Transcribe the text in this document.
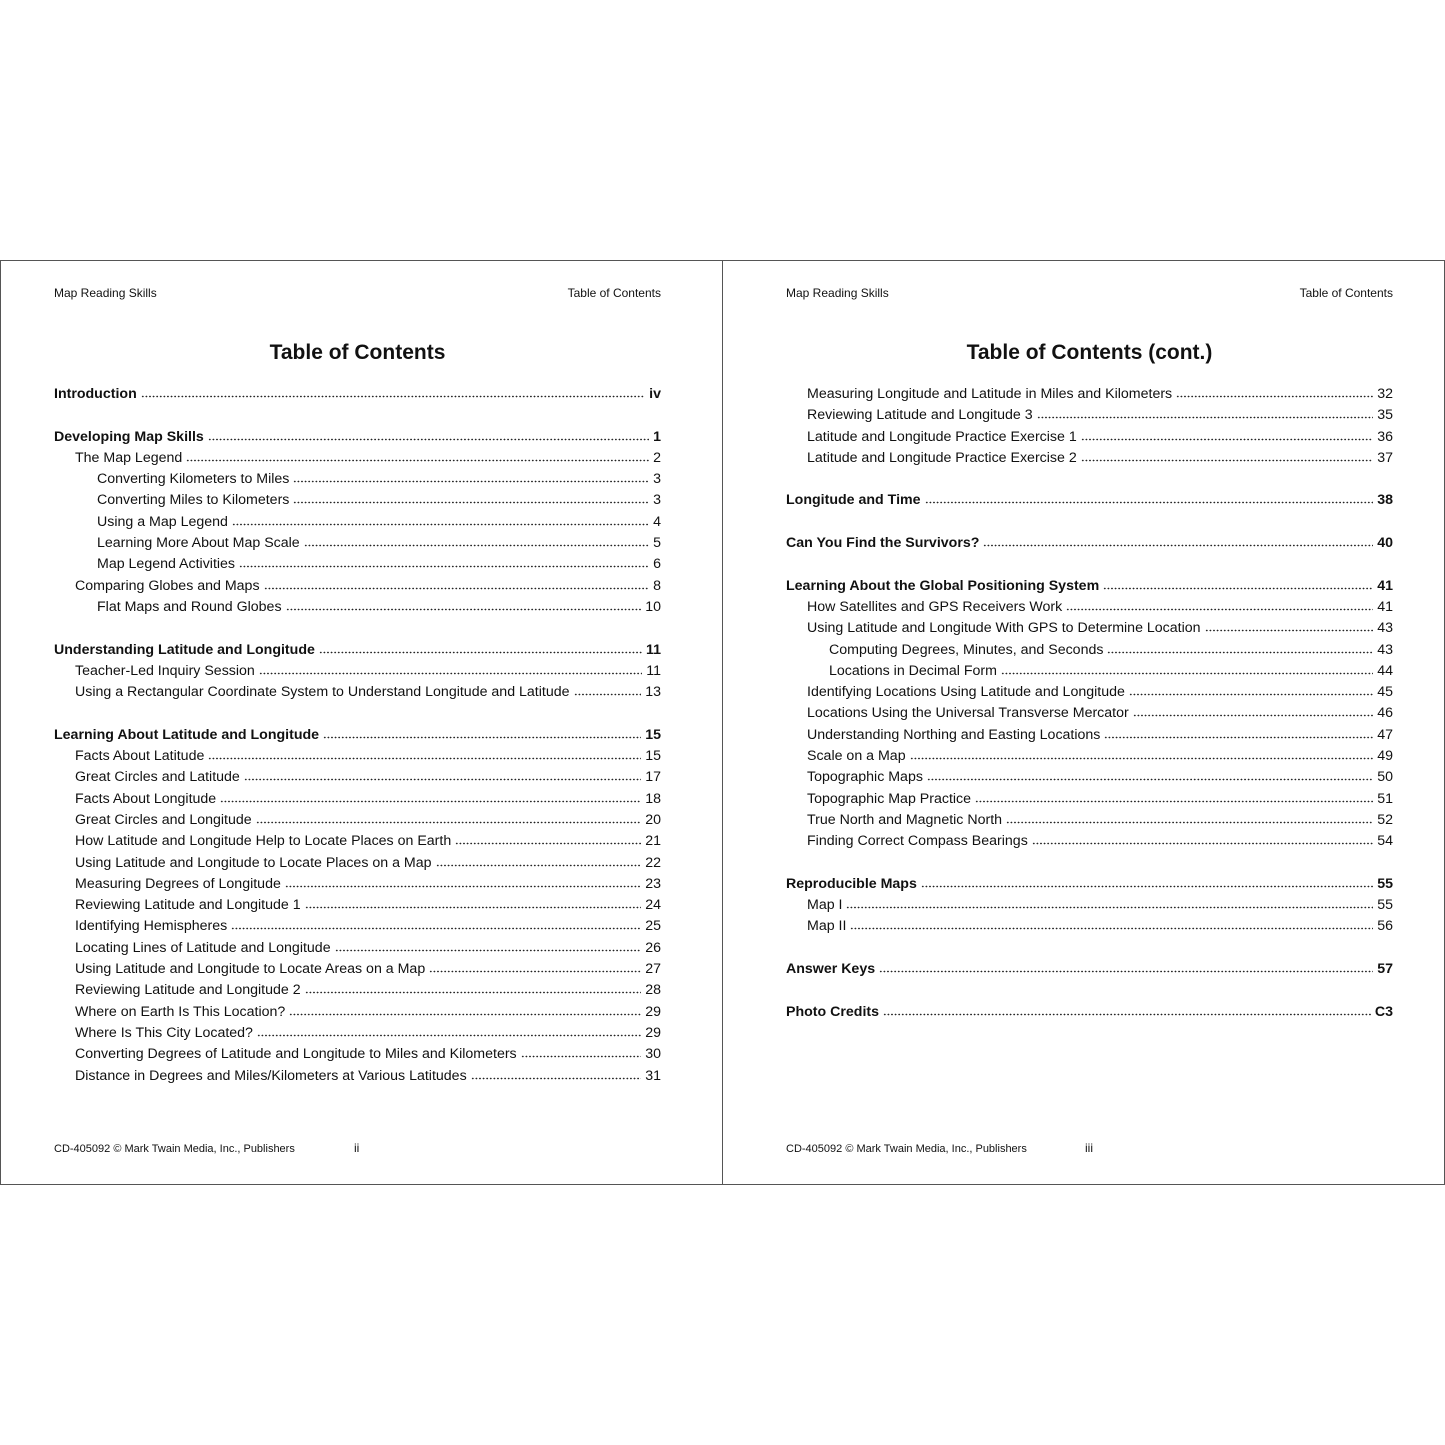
Map Reading Skills	Table of Contents
Table of Contents
Introduction	iv
Developing Map Skills	1
The Map Legend	2
Converting Kilometers to Miles	3
Converting Miles to Kilometers	3
Using a Map Legend	4
Learning More About Map Scale	5
Map Legend Activities	6
Comparing Globes and Maps	8
Flat Maps and Round Globes	10
Understanding Latitude and Longitude	11
Teacher-Led Inquiry Session	11
Using a Rectangular Coordinate System to Understand Longitude and Latitude	13
Learning About Latitude and Longitude	15
Facts About Latitude	15
Great Circles and Latitude	17
Facts About Longitude	18
Great Circles and Longitude	20
How Latitude and Longitude Help to Locate Places on Earth	21
Using Latitude and Longitude to Locate Places on a Map	22
Measuring Degrees of Longitude	23
Reviewing Latitude and Longitude 1	24
Identifying Hemispheres	25
Locating Lines of Latitude and Longitude	26
Using Latitude and Longitude to Locate Areas on a Map	27
Reviewing Latitude and Longitude 2	28
Where on Earth Is This Location?	29
Where Is This City Located?	29
Converting Degrees of Latitude and Longitude to Miles and Kilometers	30
Distance in Degrees and Miles/Kilometers at Various Latitudes	31
CD-405092 © Mark Twain Media, Inc., Publishers	ii
Map Reading Skills	Table of Contents
Table of Contents (cont.)
Measuring Longitude and Latitude in Miles and Kilometers	32
Reviewing Latitude and Longitude 3	35
Latitude and Longitude Practice Exercise 1	36
Latitude and Longitude Practice Exercise 2	37
Longitude and Time	38
Can You Find the Survivors?	40
Learning About the Global Positioning System	41
How Satellites and GPS Receivers Work	41
Using Latitude and Longitude With GPS to Determine Location	43
Computing Degrees, Minutes, and Seconds	43
Locations in Decimal Form	44
Identifying Locations Using Latitude and Longitude	45
Locations Using the Universal Transverse Mercator	46
Understanding Northing and Easting Locations	47
Scale on a Map	49
Topographic Maps	50
Topographic Map Practice	51
True North and Magnetic North	52
Finding Correct Compass Bearings	54
Reproducible Maps	55
Map I	55
Map II	56
Answer Keys	57
Photo Credits	C3
CD-405092 © Mark Twain Media, Inc., Publishers	iii
